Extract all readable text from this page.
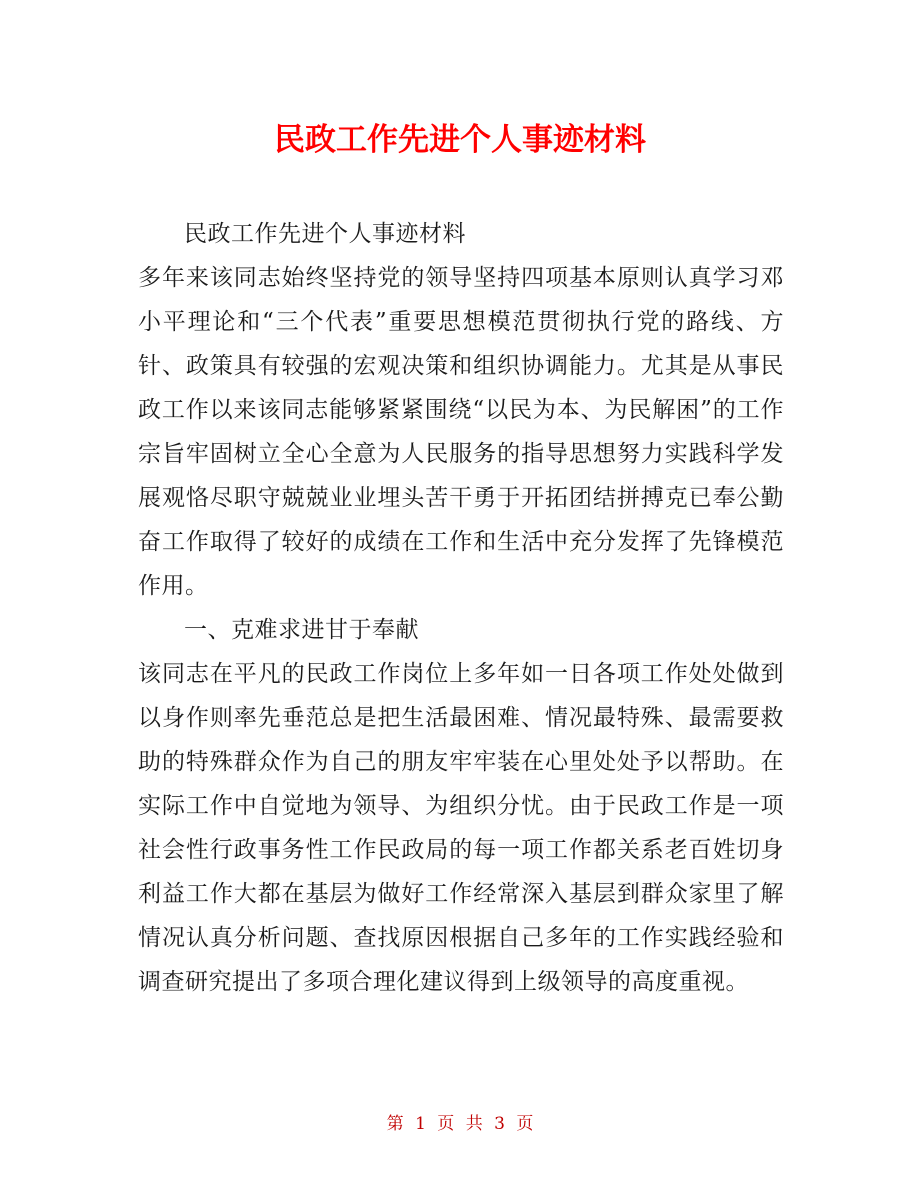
民政工作先进个人事迹材料

民政工作先进个人事迹材料

多年来该同志始终坚持党的领导坚持四项基本原则认真学习邓小平理论和“三个代表”重要思想模范贯彻执行党的路线、方针、政策具有较强的宏观决策和组织协调能力。尤其是从事民政工作以来该同志能够紧紧围绕“以民为本、为民解困”的工作宗旨牢固树立全心全意为人民服务的指导思想努力实践科学发展观恪尽职守兢兢业业埋头苦干勇于开拓团结拼搏克已奉公勤奋工作取得了较好的成绩在工作和生活中充分发挥了先锋模范作用。

一、克难求进甘于奉献

该同志在平凡的民政工作岗位上多年如一日各项工作处处做到以身作则率先垂范总是把生活最困难、情况最特殊、最需要救助的特殊群众作为自己的朋友牢牢装在心里处处予以帮助。在实际工作中自觉地为领导、为组织分忧。由于民政工作是一项社会性行政事务性工作民政局的每一项工作都关系老百姓切身利益工作大都在基层为做好工作经常深入基层到群众家里了解情况认真分析问题、查找原因根据自己多年的工作实践经验和调查研究提出了多项合理化建议得到上级领导的高度重视。

第 1 页 共 3 页
